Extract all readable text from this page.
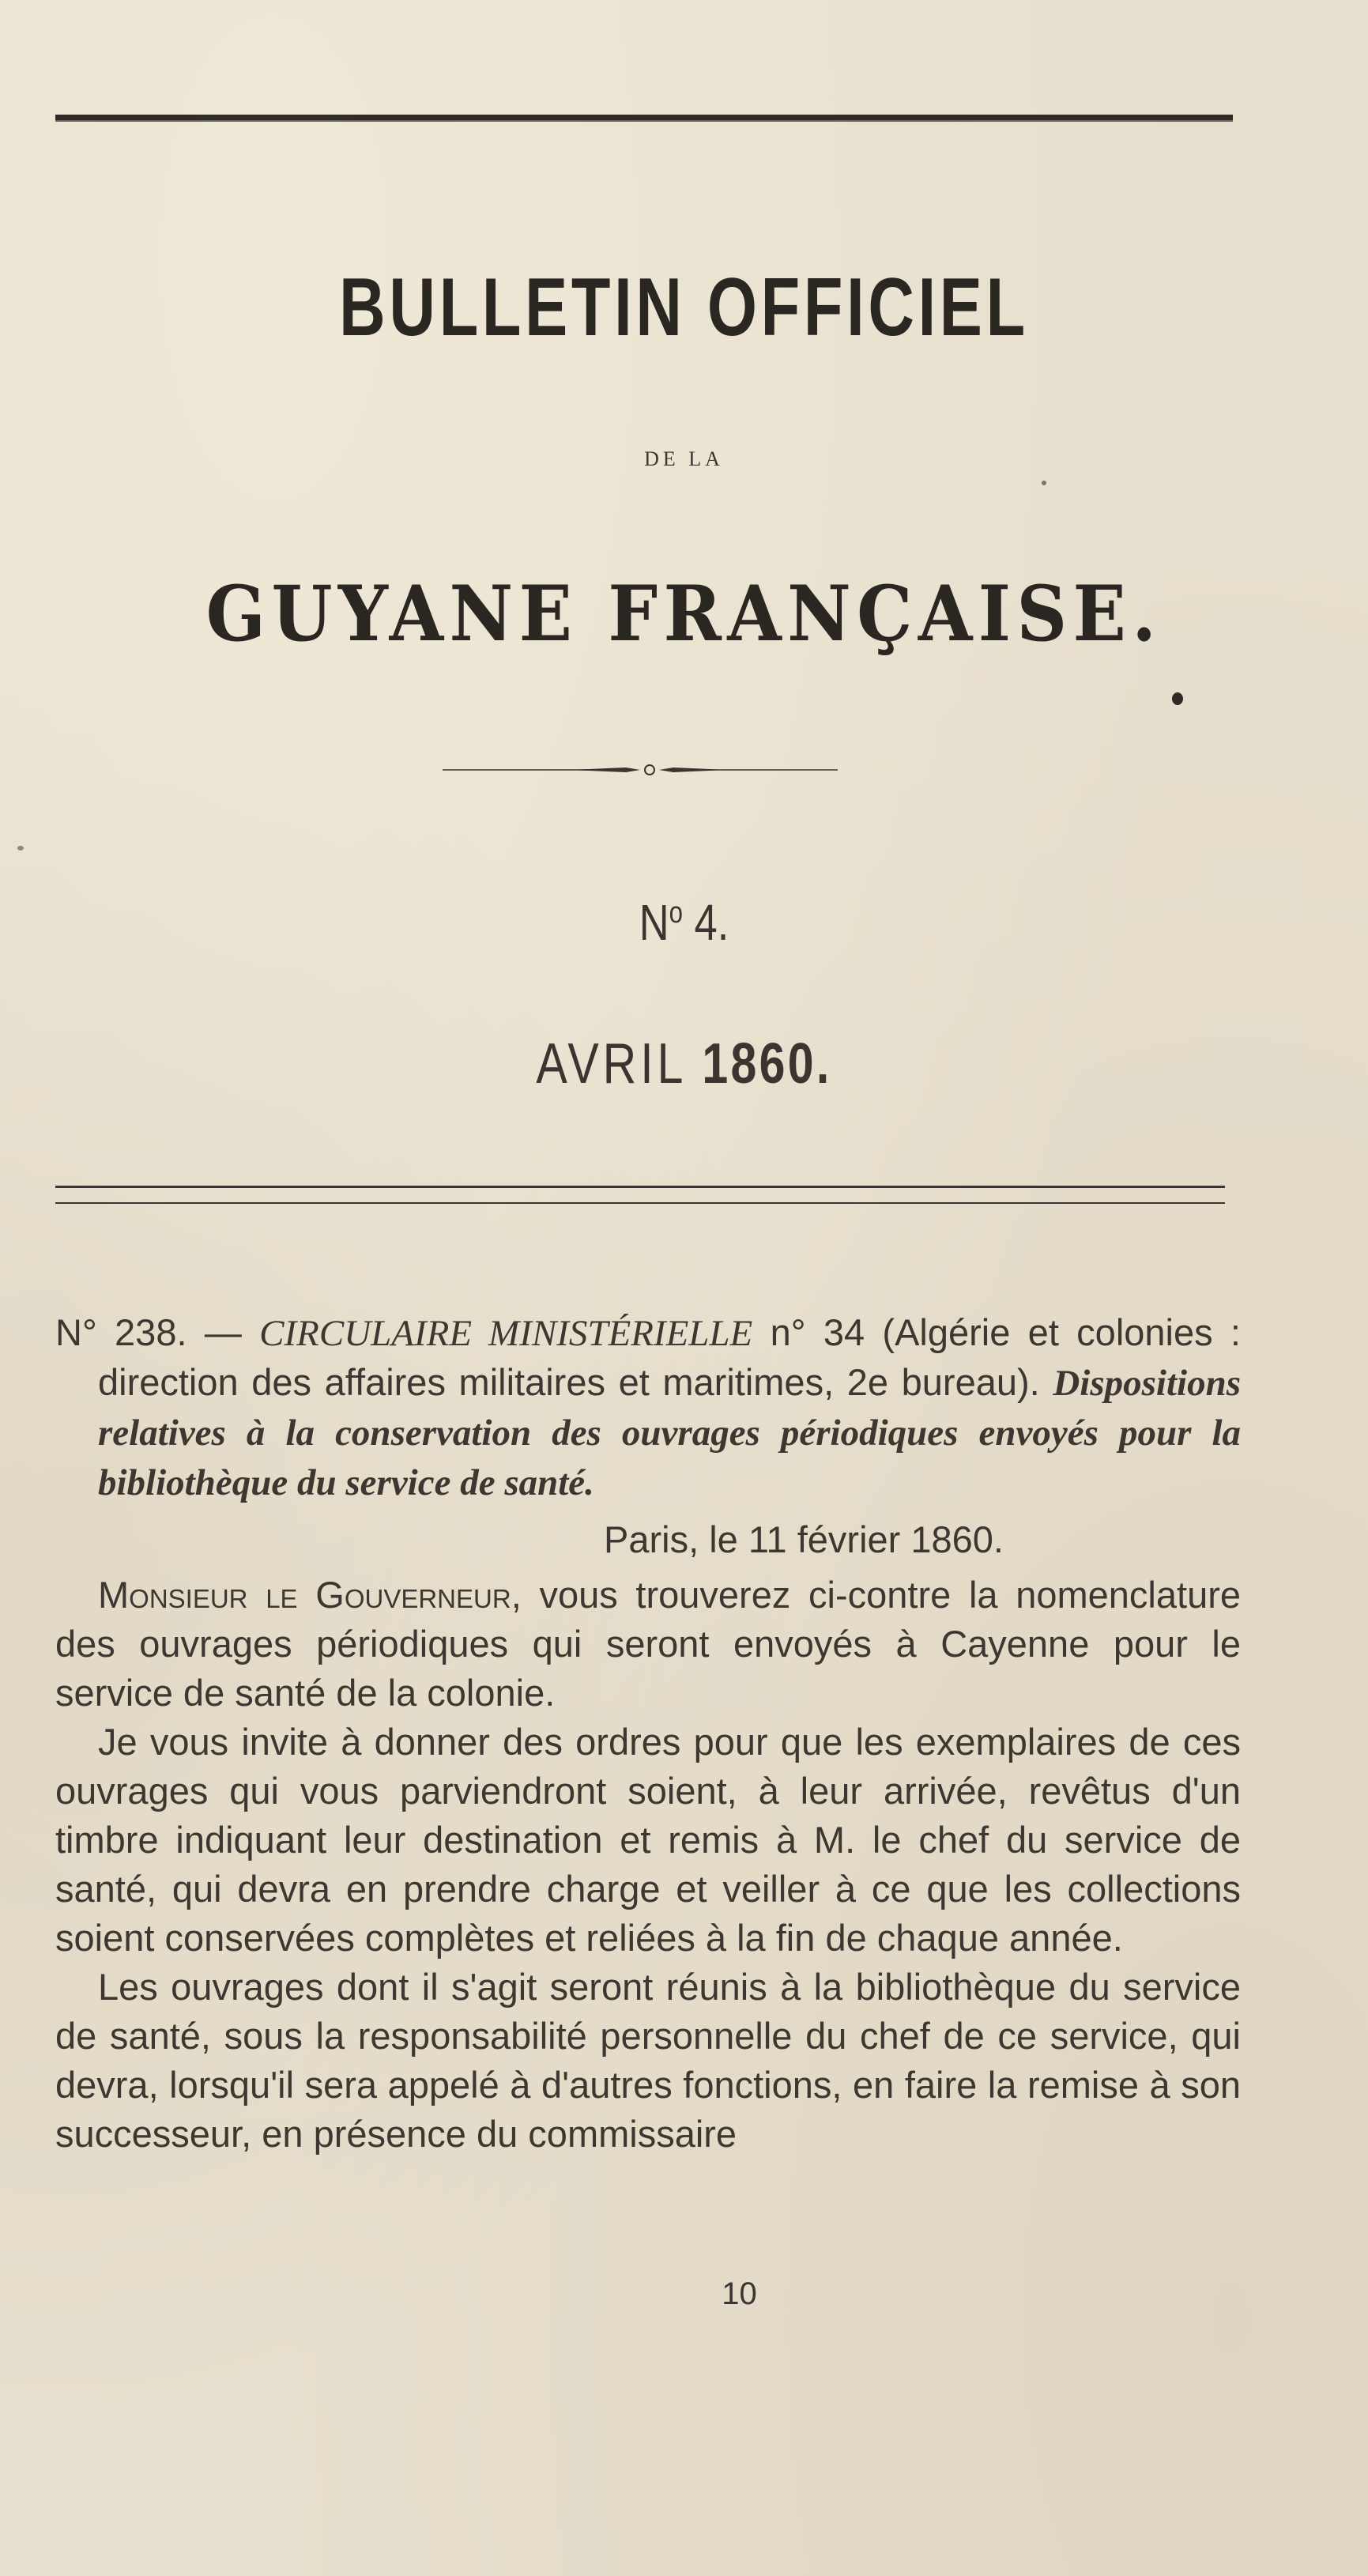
BULLETIN OFFICIEL
DE LA
GUYANE FRANÇAISE.
$N^o$ 4.
AVRIL 1860.

N° 238. — CIRCULAIRE MINISTÉRIELLE n° 34 (Algérie et colonies : direction des affaires militaires et maritimes, 2e bureau). Dispositions relatives à la conservation des ouvrages périodiques envoyés pour la bibliothèque du service de santé.

Paris, le 11 février 1860.

Monsieur le Gouverneur, vous trouverez ci-contre la nomenclature des ouvrages périodiques qui seront envoyés à Cayenne pour le service de santé de la colonie.

Je vous invite à donner des ordres pour que les exemplaires de ces ouvrages qui vous parviendront soient, à leur arrivée, revêtus d'un timbre indiquant leur destination et remis à M. le chef du service de santé, qui devra en prendre charge et veiller à ce que les collections soient conservées complètes et reliées à la fin de chaque année.

Les ouvrages dont il s'agit seront réunis à la bibliothèque du service de santé, sous la responsabilité personnelle du chef de ce service, qui devra, lorsqu'il sera appelé à d'autres fonctions, en faire la remise à son successeur, en présence du commissaire

10
